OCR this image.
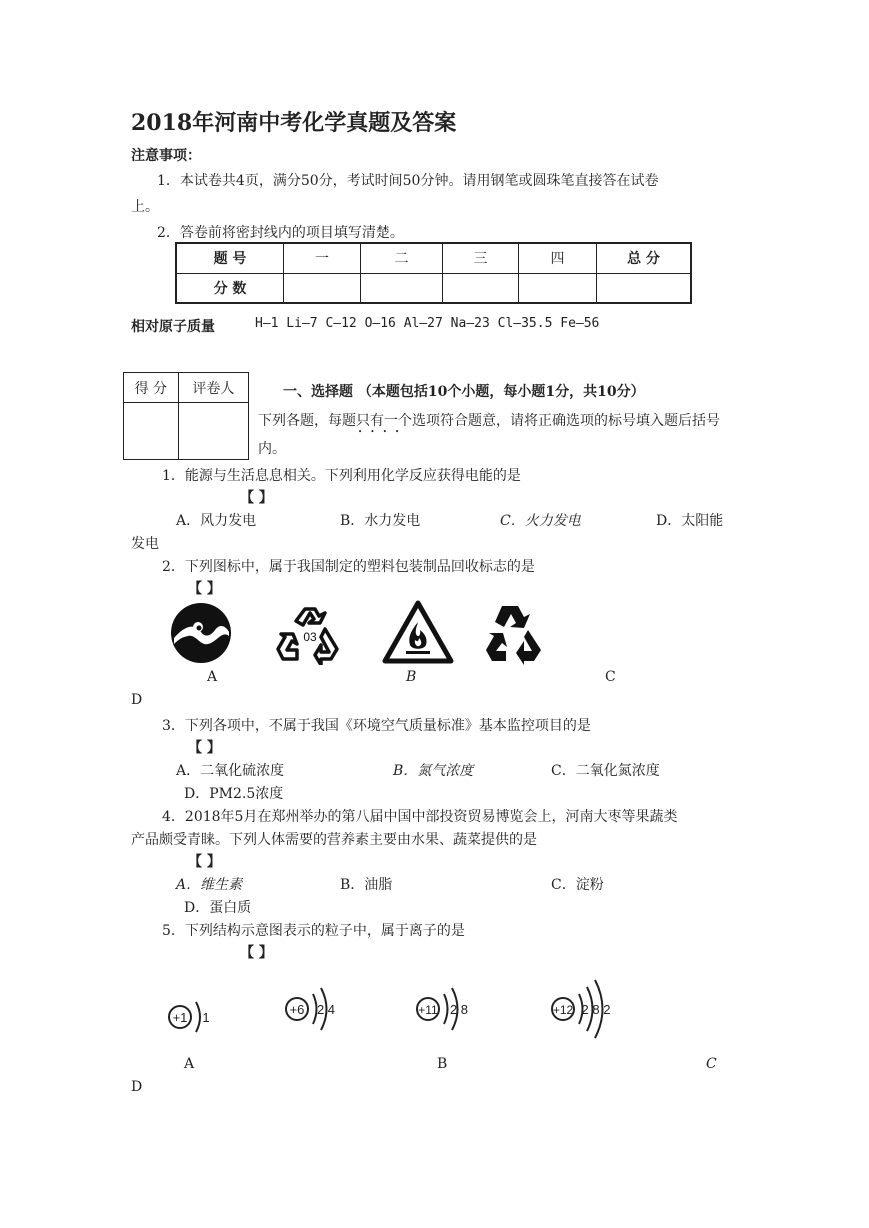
2018年河南中考化学真题及答案
注意事项：
1．本试卷共4页，满分50分，考试时间50分钟。请用钢笔或圆珠笔直接答在试卷
上。
2．答卷前将密封线内的项目填写清楚。
题 号	一	二	三	四	总 分
分 数					
相对原子质量	H—1 Li—7 C—12 O—16 Al—27 Na—23 Cl—35.5 Fe—56
得 分	评卷人
		一、选择题 （本题包括10个小题，每小题1分，共10分）
下列各题，每题只有一个 • • • •选项符合题意，请将正确选项的标号填入题后括号
内。
1．能源与生活息息相关。下列利用化学反应获得电能的是
【 】
A．风力发电	B．水力发电	C．火力发电	D．太阳能
发电
2．下列图标中，属于我国制定的塑料包装制品回收标志的是
【 】
03
A	B	C
D
3．下列各项中，不属于我国《环境空气质量标准》基本监控项目的是
【 】
A．二氧化硫浓度	B．氮气浓度	C．二氧化氮浓度
D．PM2.5浓度
4．2018年5月在郑州举办的第八届中国中部投资贸易博览会上，河南大枣等果蔬类
产品颇受青睐。下列人体需要的营养素主要由水果、蔬菜提供的是
【 】
A．维生素	B．油脂	C．淀粉
D．蛋白质
5．下列结构示意图表示的粒子中，属于离子的是
【 】
+1 1
+6 2 4	+11 2 8	+12 2 8 2
A	B	C
D
